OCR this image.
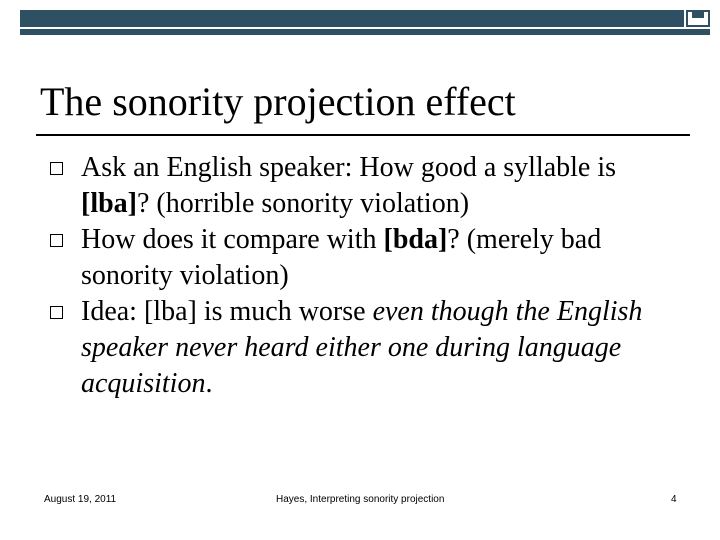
The sonority projection effect
Ask an English speaker: How good a syllable is [lba]? (horrible sonority violation)
How does it compare with [bda]? (merely bad sonority violation)
Idea: [lba] is much worse even though the English speaker never heard either one during language acquisition.
August 19, 2011	Hayes, Interpreting sonority projection	4
